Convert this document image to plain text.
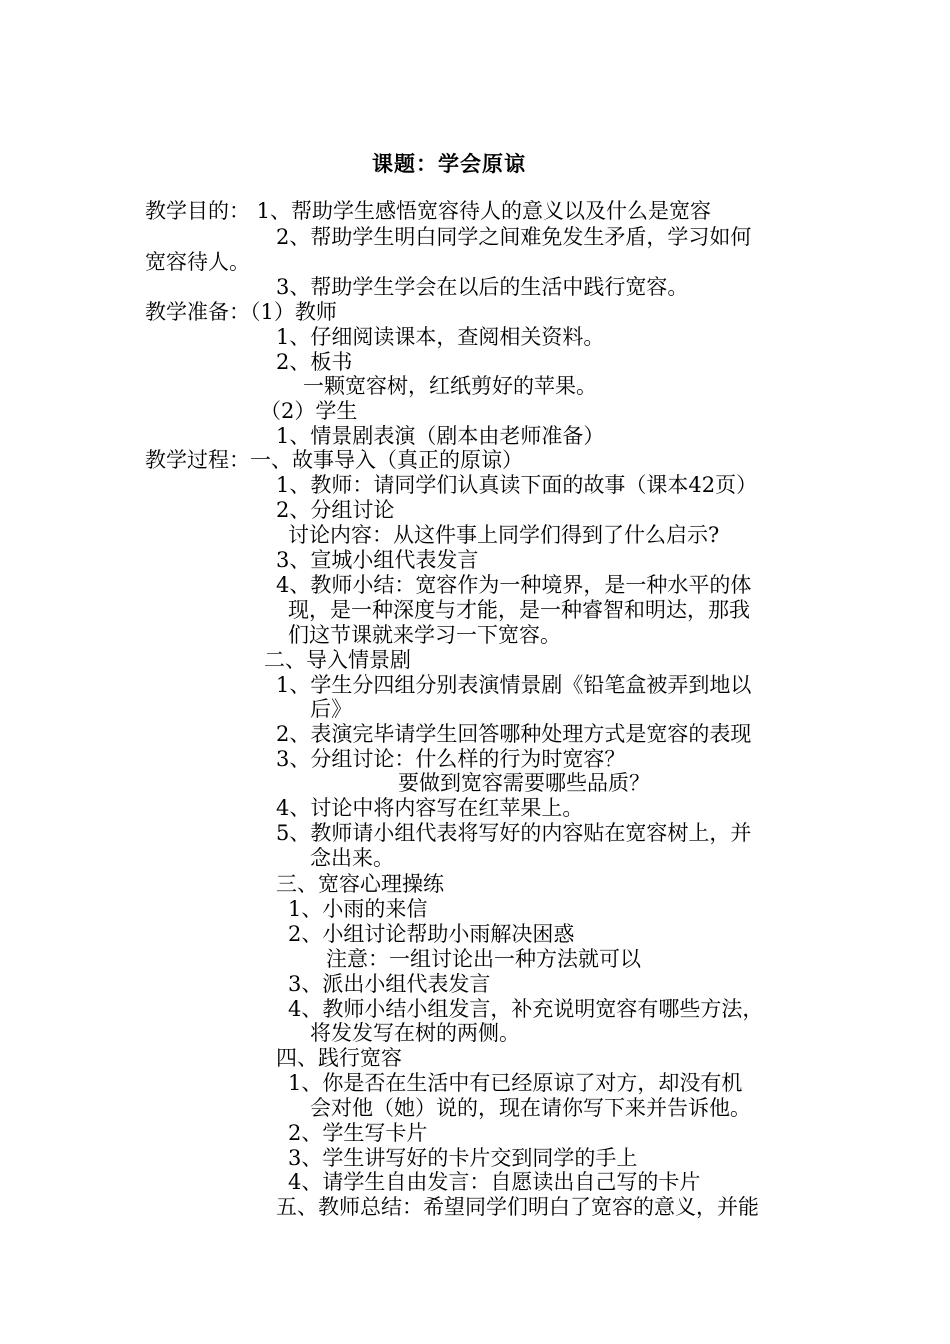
课题：学会原谅
教学目的： 1、帮助学生感悟宽容待人的意义以及什么是宽容
2、帮助学生明白同学之间难免发生矛盾，学习如何
宽容待人。
3、帮助学生学会在以后的生活中践行宽容。
教学准备：（1）教师
1、仔细阅读课本，查阅相关资料。
2、板书
一颗宽容树，红纸剪好的苹果。
（2）学生
1、情景剧表演（剧本由老师准备）
教学过程：一、故事导入（真正的原谅）
1、教师：请同学们认真读下面的故事（课本42页）
2、分组讨论
讨论内容：从这件事上同学们得到了什么启示?
3、宣城小组代表发言
4、教师小结：宽容作为一种境界，是一种水平的体
现，是一种深度与才能，是一种睿智和明达，那我
们这节课就来学习一下宽容。
二、导入情景剧
1、学生分四组分别表演情景剧《铅笔盒被弄到地以
后》
2、表演完毕请学生回答哪种处理方式是宽容的表现
3、分组讨论：什么样的行为时宽容？
要做到宽容需要哪些品质？
4、讨论中将内容写在红苹果上。
5、教师请小组代表将写好的内容贴在宽容树上，并
念出来。
三、宽容心理操练
1、小雨的来信
2、小组讨论帮助小雨解决困惑
注意：一组讨论出一种方法就可以
3、派出小组代表发言
4、教师小结小组发言，补充说明宽容有哪些方法，
将发发写在树的两侧。
四、践行宽容
1、你是否在生活中有已经原谅了对方，却没有机
会对他（她）说的，现在请你写下来并告诉他。
2、学生写卡片
3、学生讲写好的卡片交到同学的手上
4、请学生自由发言：自愿读出自己写的卡片
五、教师总结：希望同学们明白了宽容的意义，并能
